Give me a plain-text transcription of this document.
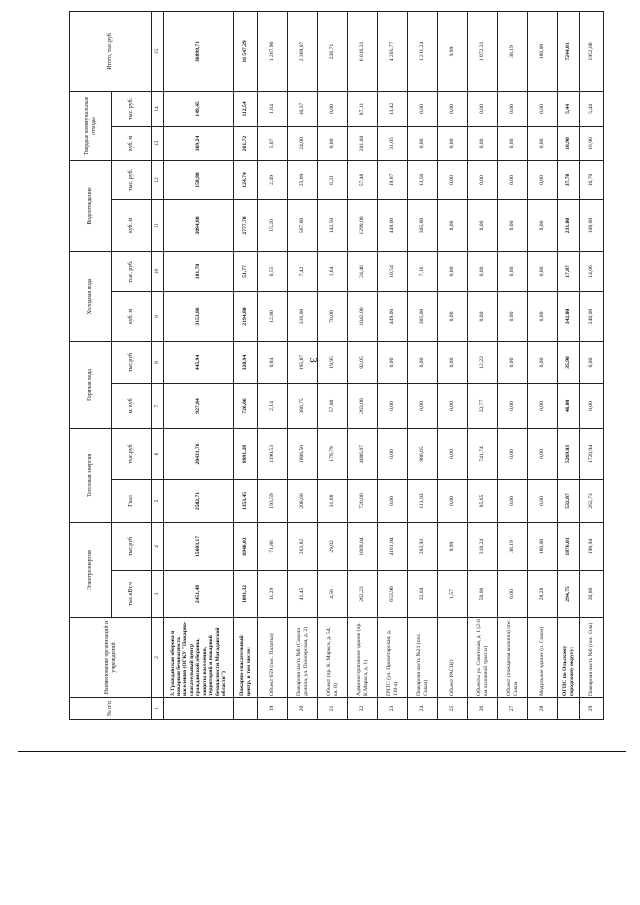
3
№ п/п	Наименование организаций и учреждений	Электроэнергия		Тепловая энергия		Горячая вода		Холодная вода		Водоотведение		Твердые коммунальные отходы		Итого, тыс.руб
		тыс.кВт.ч	тыс.руб	Гкал	тыс.руб	м. куб	тыс.руб	куб. м	тыс. руб.	куб. м	тыс. руб.	куб. м	тыс. руб.	
1	2	3	4	5	6	7	8	9	10	11	12	13	14	15
	3. Гражданская оборона и пожарная безопасность населения (ОГКУ "Пожарно-спасательный центр гражданской обороны, защиты населения, территорий и пожарной безопасности Магаданской области")	2451,48	15603,17	2582,71	20431,76	927,84	445,94	3153,86	101,70	3094,80	158,80	369,24	149,45	36899,71
	Пожарно-спасательный центр, в том числе:	1091,32	6946,03	1353,45	8991,28	726,66	320,94	2194,80	51,77	2777,70	124,74	261,72	112,54	16 547,29
19	Объект 659 (пос. Палатка)	11,29	71,86	193,59	1190,53	2,14	0,84	12,80	0,55	15,20	2,49	5,07	1,64	1 267,90
20	Пожарная часть №8 (Сокола долина, ул. Пионерская, д. 2)	41,45	263,82	208,60	1806,50	380,75	195,87	316,00	7,42	567,00	25,09	24,00	10,37	2 309,07
21	Объект (пр. К. Маркса, д. 54, кв. 8)	4,56	29,02	31,68	179,79	57,00	19,95	70,00	1,64	142,50	6,31	0,00	0,00	236,71
22	Административное здание (пр. К.Маркса, д. 1)	262,23	1669,04	720,00	4086,07	263,00	92,05	1042,00	24,46	1299,00	57,48	201,60	87,11	6 016,21
23	ПЧТС (ул. Пролетарская, д. 110-а)	653,90	4161,94	0,00	0,00	0,00	0,00	449,00	10,54	449,00	19,87	31,05	13,42	4 205,77
24	Пожарная часть №21 (пос. Сокол)	32,04	203,93	113,93	986,65	0,00	0,00	305,00	7,16	305,00	13,50	0,00	0,00	1 211,24
25	Объект РАСЦО	1,57	9,99	0,00	0,00	0,00	0,00	0,00	0,00	0,00	0,00	0,00	0,00	9,99
26	Объекты ул. Советская, д. 1 (2-й км основной трассы)	50,00	318,24	85,65	741,74	23,77	12,23	0,00	0,00	0,00	0,00	0,00	0,00	1 072,21
27	Объект (пожарная колонна) пос. Сокол	6,00	38,19	0,00	0,00	0,00	0,00	0,00	0,00	0,00	0,00	0,00	0,00	38,19
28	Модульное здание (п. Сокол)	28,28	180,00	0,00	0,00	0,00	0,00	0,00	0,00	0,00	0,00	0,00	0,00	180,00
	ОГПС по Ольскому городскому округу:	294,75	1876,01	532,07	5269,03	46,00	35,90	342,00	17,87	231,00	37,78	16,90	5,44	7244,01
29	Пожарная часть №6 (пос. Ола)	30,00	190,94	262,73	1720,94	0,00	0,00	240,00	14,06	108,00	10,70	16,90	5,44	1952,08
